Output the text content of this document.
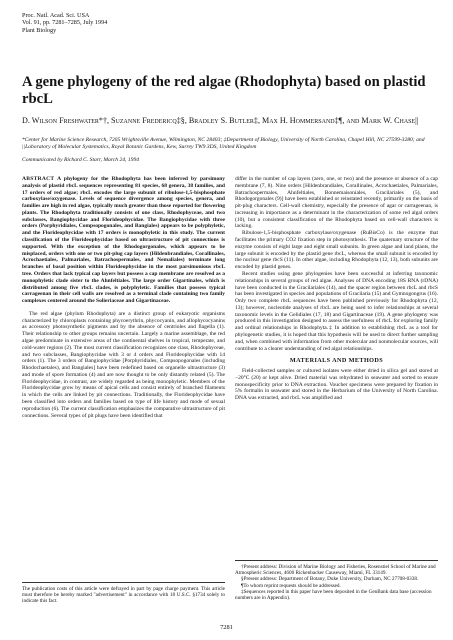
Proc. Natl. Acad. Sci. USA
Vol. 91, pp. 7281–7285, July 1994
Plant Biology
A gene phylogeny of the red algae (Rhodophyta) based on plastid rbcL
D. Wilson Freshwater*†, Suzanne Fredericq‡§, Bradley S. Butler‡, Max H. Hommersand‡¶, and Mark W. Chase||
*Center for Marine Science Research, 7205 Wrightsville Avenue, Wilmington, NC 28403; ‡Department of Biology, University of North Carolina, Chapel Hill, NC 27599-3280; and ||Laboratory of Molecular Systematics, Royal Botanic Gardens, Kew, Surrey TW9 3DS, United Kingdom
Communicated by Richard C. Starr, March 24, 1994

ABSTRACT A phylogeny for the Rhodophyta has been inferred by parsimony analysis of plastid rbcL sequences representing 81 species, 68 genera, 38 families, and 17 orders of red algae; rbcL encodes the large subunit of ribulose-1,5-bisphosphate carboxylase/oxygenase. Levels of sequence divergence among species, genera, and families are high in red algae, typically much greater than those reported for flowering plants. The Rhodophyta traditionally consists of one class, Rhodophyceae, and two subclasses, Bangiophycidae and Florideophycidae. The Bangiophycidae with three orders (Porphyridiales, Compsopogonales, and Bangiales) appears to be polyphyletic, and the Florideophycidae with 17 orders is monophyletic in this study. The current classification of the Florideophycidae based on ultrastructure of pit connections is supported. With the exception of the Rhodogorgonales, which appears to be misplaced, orders with one or two pit-plug cap layers (Hildenbrandiales, Corallinales, Acrochaetiales, Palmariales, Batrachospermales, and Nemaliales) terminate long branches of basal position within Florideophycidae in the most parsimonious rbcL tree. Orders that lack typical cap layers but possess a cap membrane are resolved as a monophyletic clade sister to the Ahnfeltiales. The large order Gigartinales, which is distributed among five rbcL clades, is polyphyletic. Families that possess typical carrageenan in their cell walls are resolved as a terminal clade containing two family complexes centered around the Solieriaceae and Gigartinaceae.

The red algae (phylum Rhodophyta) are a distinct group of eukaryotic organisms characterized by chloroplasts containing phycoerythrin, phycocyanin, and allophycocyanins as accessory photosynthetic pigments and by the absence of centrioles and flagella (1). Their relationship to other groups remains uncertain. Largely a marine assemblage, the red algae predominate in extensive areas of the continental shelves in tropical, temperate, and cold-water regions (2). The most current classification recognizes one class, Rhodophyceae, and two subclasses, Bangiophycidae with 3 or 4 orders and Florideophycidae with 14 orders (1). The 3 orders of Bangiophycidae [Porphyridiales, Compsopogonales (including Rhodochaetales), and Bangiales] have been redefined based on organelle ultrastructure (3) and mode of spore formation (4) and are now thought to be only distantly related (5). The Florideophycidae, in contrast, are widely regarded as being monophyletic. Members of the Florideophycidae grow by means of apical cells and consist entirely of branched filaments in which the cells are linked by pit connections. Traditionally, the Florideophycidae have been classified into orders and families based on type of life history and mode of sexual reproduction (6). The current classification emphasizes the comparative ultrastructure of pit connections. Several types of pit plugs have been identified that

The publication costs of this article were defrayed in part by page charge payment. This article must therefore be hereby marked "advertisement" in accordance with 18 U.S.C. §1734 solely to indicate this fact.

differ in the number of cap layers (zero, one, or two) and the presence or absence of a cap membrane (7, 8). Nine orders [Hildenbrandiales, Corallinales, Acrochaetiales, Palmariales, Batrachospermales, Ahnfeltiales, Bonnemaisoniales, Gracilariales (5), and Rhodogorgonales (9)] have been established or reinstated recently, primarily on the basis of pit-plug characters. Cell-wall chemistry, especially the presence of agar or carrageenan, is increasing in importance as a determinant in the characterization of some red algal orders (10), but a consistent classification of the Rhodophyta based on cell-wall characters is lacking.

Ribulose-1,5-bisphosphate carboxylase/oxygenase (RuBisCo) is the enzyme that facilitates the primary CO2 fixation step in photosynthesis. The quaternary structure of the enzyme consists of eight large and eight small subunits. In green algae and land plants, the large subunit is encoded by the plastid gene rbcL, whereas the small subunit is encoded by the nuclear gene rbcS (11). In other algae, including Rhodophyta (12, 13), both subunits are encoded by plastid genes.

Recent studies using gene phylogenies have been successful at inferring taxonomic relationships in several groups of red algae. Analyses of DNA encoding 18S RNA (rDNA) have been conducted in the Gracilariales (14), and the spacer region between rbcL and rbcS has been investigated in species and populations of Gracilaria (15) and Gymnogongrus (16). Only two complete rbcL sequences have been published previously for Rhodophyta (12, 13); however, nucleotide analyses of rbcL are being used to infer relationships at several taxonomic levels in the Gelidiales (17, 18) and Gigartinaceae (19). A gene phylogeny was produced in this investigation designed to assess the usefulness of rbcL for exploring family and ordinal relationships in Rhodophyta.‡ In addition to establishing rbcL as a tool for phylogenetic studies, it is hoped that this hypothesis will be used to direct further sampling and, when combined with information from other molecular and nonmolecular sources, will contribute to a clearer understanding of red algal relationships.

MATERIALS AND METHODS

Field-collected samples or cultured isolates were either dried in silica gel and stored at −20°C (20) or kept alive. Dried material was rehydrated in seawater and sorted to ensure monospecificity prior to DNA extraction. Voucher specimens were prepared by fixation in 5% formalin in seawater and stored in the Herbarium of the University of North Carolina. DNA was extracted, and rbcL was amplified and

†Present address: Division of Marine Biology and Fisheries, Rosenstiel School of Marine and Atmospheric Sciences, 4600 Rickenbacker Causeway, Miami, FL 33149.

§Present address: Department of Botany, Duke University, Durham, NC 27708-0338.

¶To whom reprint requests should be addressed.

‡Sequences reported in this paper have been deposited in the GenBank data base (accession numbers are in Appendix).

7281
